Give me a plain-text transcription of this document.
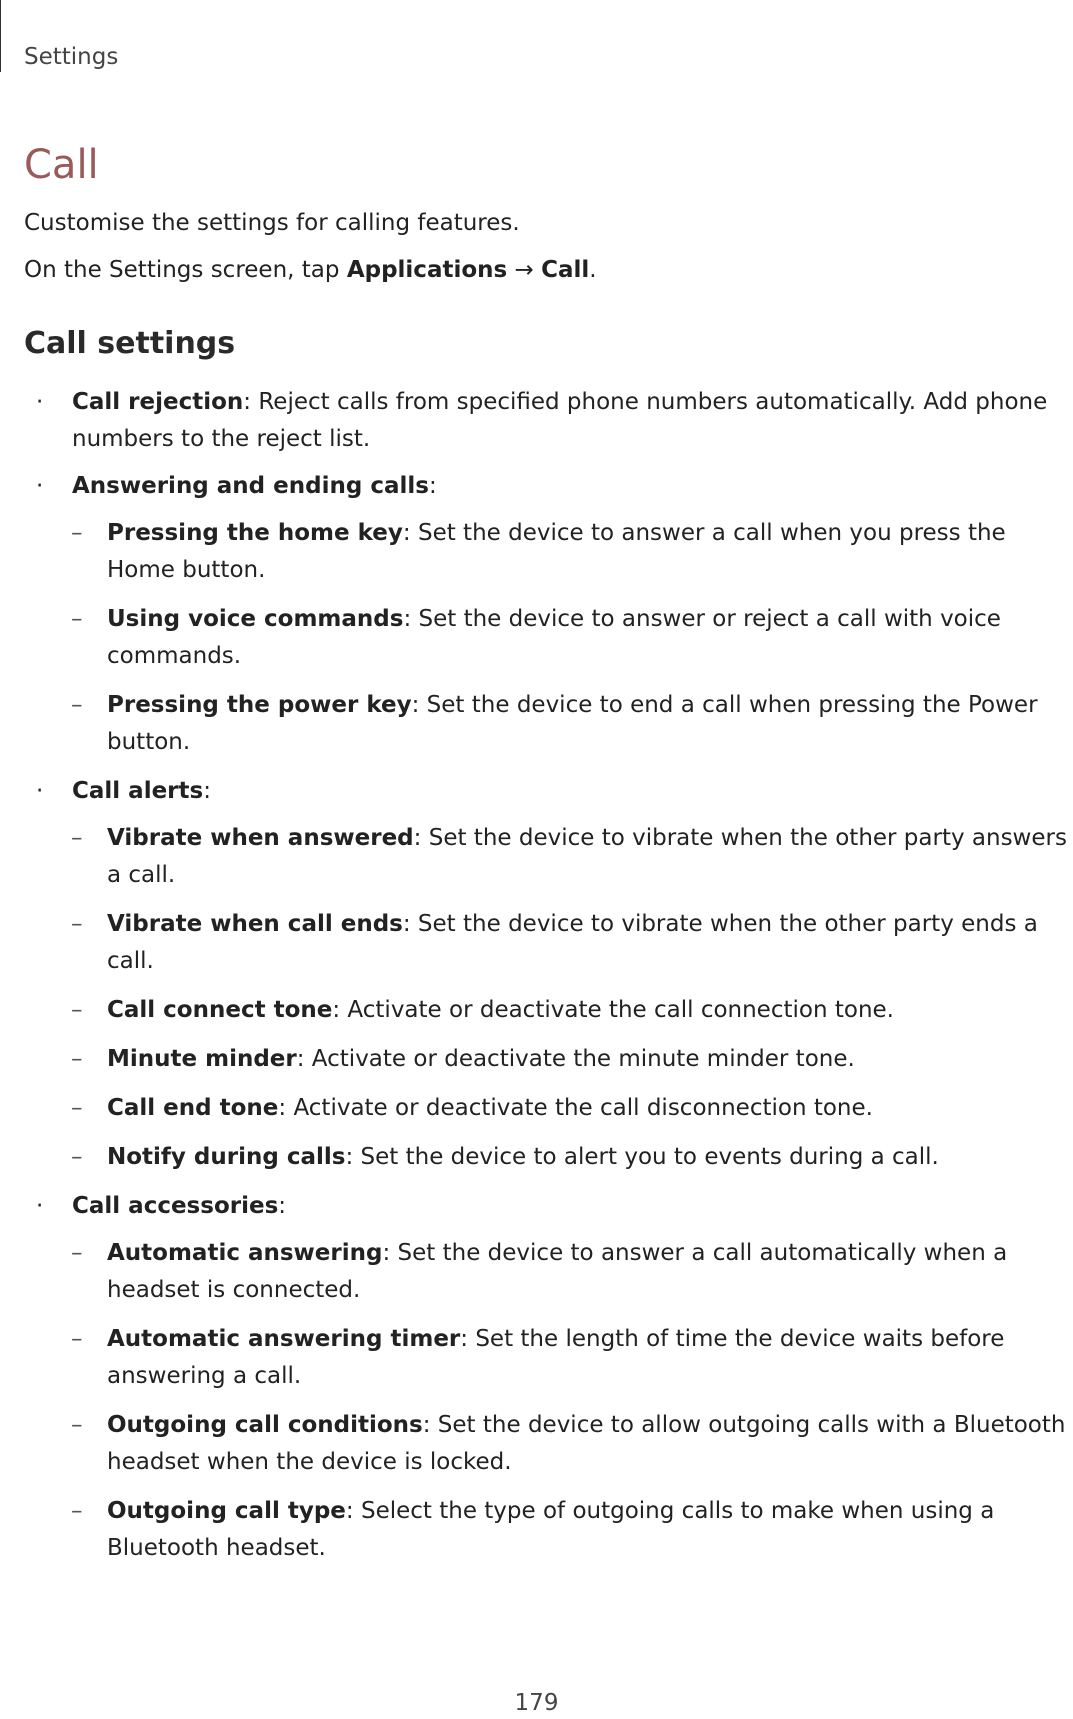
Settings
Call
Customise the settings for calling features.
On the Settings screen, tap Applications → Call.
Call settings
· Call rejection: Reject calls from specified phone numbers automatically. Add phone numbers to the reject list.
· Answering and ending calls:
– Pressing the home key: Set the device to answer a call when you press the Home button.
– Using voice commands: Set the device to answer or reject a call with voice commands.
– Pressing the power key: Set the device to end a call when pressing the Power button.
· Call alerts:
– Vibrate when answered: Set the device to vibrate when the other party answers a call.
– Vibrate when call ends: Set the device to vibrate when the other party ends a call.
– Call connect tone: Activate or deactivate the call connection tone.
– Minute minder: Activate or deactivate the minute minder tone.
– Call end tone: Activate or deactivate the call disconnection tone.
– Notify during calls: Set the device to alert you to events during a call.
· Call accessories:
– Automatic answering: Set the device to answer a call automatically when a headset is connected.
– Automatic answering timer: Set the length of time the device waits before answering a call.
– Outgoing call conditions: Set the device to allow outgoing calls with a Bluetooth headset when the device is locked.
– Outgoing call type: Select the type of outgoing calls to make when using a Bluetooth headset.
179
